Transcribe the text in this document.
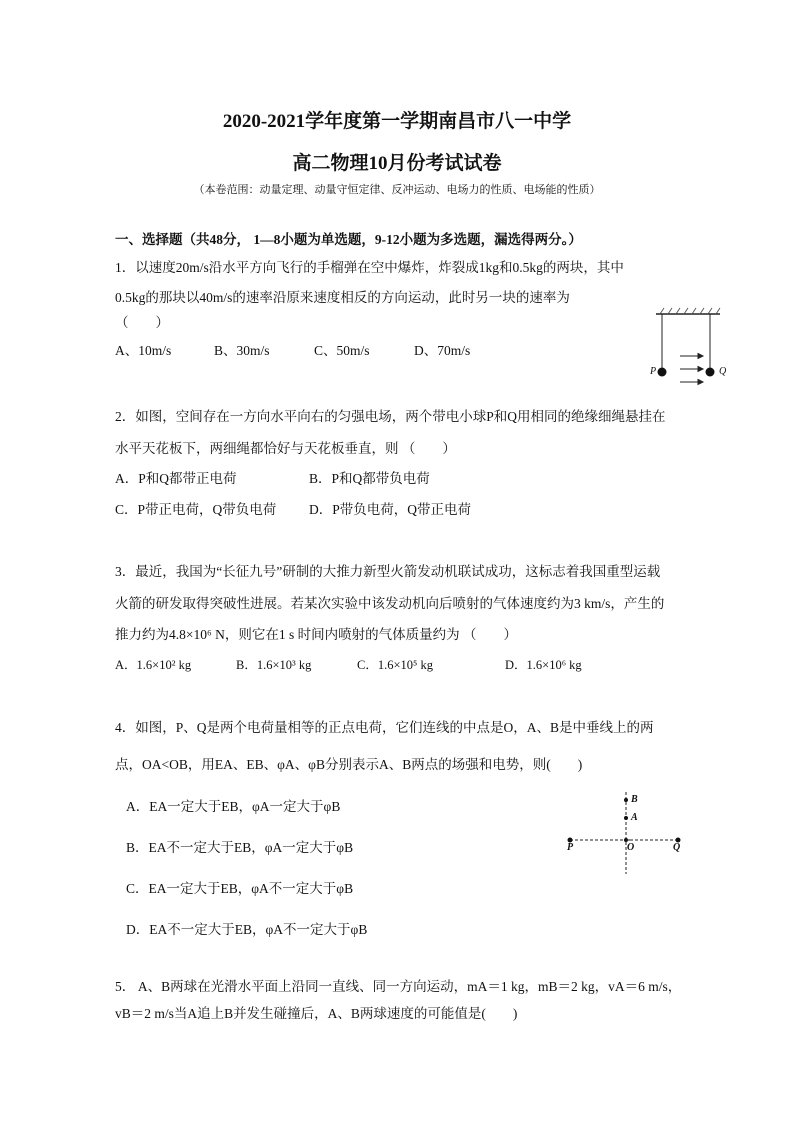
2020-2021学年度第一学期南昌市八一中学
高二物理10月份考试试卷
（本卷范围：动量定理、动量守恒定律、反冲运动、电场力的性质、电场能的性质）
一、选择题（共48分， 1—8小题为单选题，9-12小题为多选题，漏选得两分。）
1．以速度20m/s沿水平方向飞行的手榴弹在空中爆炸，炸裂成1kg和0.5kg的两块，其中
0.5kg的那块以40m/s的速率沿原来速度相反的方向运动，此时另一块的速率为
（　　）
A、10m/s	B、30m/s	C、50m/s	D、70m/s
P	Q
2．如图，空间存在一方向水平向右的匀强电场，两个带电小球P和Q用相同的绝缘细绳悬挂在
水平天花板下，两细绳都恰好与天花板垂直，则 （　　）
A．P和Q都带正电荷	B．P和Q都带负电荷
C．P带正电荷，Q带负电荷 D．P带负电荷，Q带正电荷
3．最近，我国为“长征九号”研制的大推力新型火箭发动机联试成功，这标志着我国重型运载
火箭的研发取得突破性进展。若某次实验中该发动机向后喷射的气体速度约为3 km/s，产生的
推力约为4.8×10⁶ N，则它在1 s 时间内喷射的气体质量约为 （　　）
A．1.6×10² kg	B．1.6×10³ kg	C．1.6×10⁵ kg	D．1.6×10⁶ kg
4．如图，P、Q是两个电荷量相等的正点电荷，它们连线的中点是O，A、B是中垂线上的两
点，OA<OB，用EA、EB、φA、φB分别表示A、B两点的场强和电势，则(　　)
A．EA一定大于EB，φA一定大于φB
B．EA不一定大于EB，φA一定大于φB
C．EA一定大于EB，φA不一定大于φB
D．EA不一定大于EB，φA不一定大于φB
B
A
P	O	Q
5． A、B两球在光滑水平面上沿同一直线、同一方向运动，mA＝1 kg，mB＝2 kg，vA＝6 m/s，
vB＝2 m/s当A追上B并发生碰撞后，A、B两球速度的可能值是(　　)
